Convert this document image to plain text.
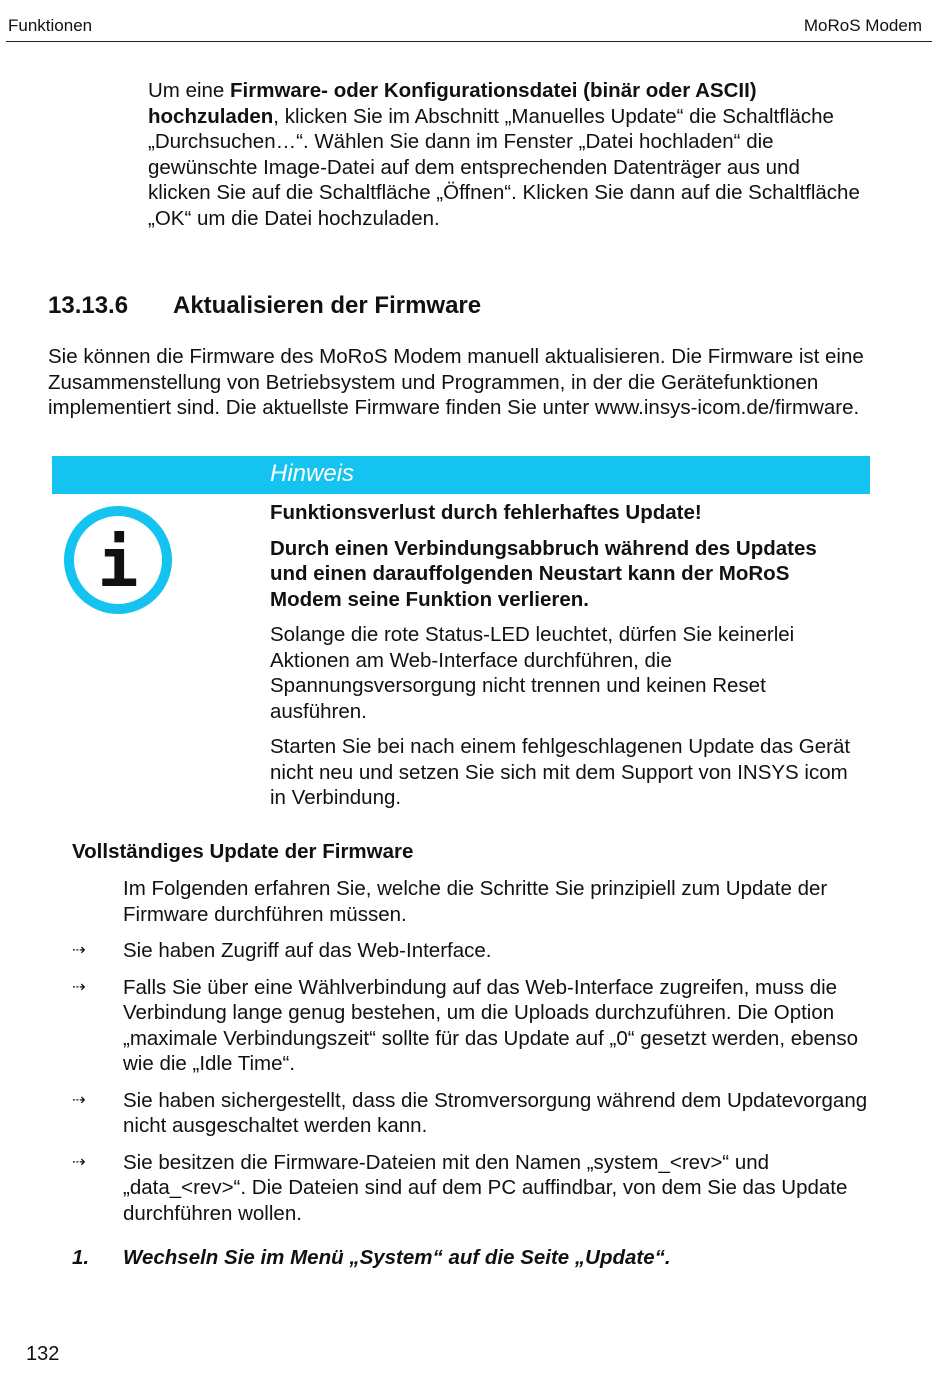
Funktionen	MoRoS Modem

Um eine Firmware- oder Konfigurationsdatei (binär oder ASCII) hochzuladen, klicken Sie im Abschnitt „Manuelles Update“ die Schaltfläche „Durchsuchen…“. Wählen Sie dann im Fenster „Datei hochladen“ die gewünschte Image-Datei auf dem entsprechenden Datenträger aus und klicken Sie auf die Schaltfläche „Öffnen“. Klicken Sie dann auf die Schaltfläche „OK“ um die Datei hochzuladen.

13.13.6 Aktualisieren der Firmware

Sie können die Firmware des MoRoS Modem manuell aktualisieren. Die Firmware ist eine Zusammenstellung von Betriebsystem und Programmen, in der die Gerätefunktionen implementiert sind. Die aktuellste Firmware finden Sie unter www.insys-icom.de/firmware.

Hinweis
i

Funktionsverlust durch fehlerhaftes Update!

Durch einen Verbindungsabbruch während des Updates und einen darauffolgenden Neustart kann der MoRoS Modem seine Funktion verlieren.

Solange die rote Status-LED leuchtet, dürfen Sie keinerlei Aktionen am Web-Interface durchführen, die Spannungsversorgung nicht trennen und keinen Reset ausführen.

Starten Sie bei nach einem fehlgeschlagenen Update das Gerät nicht neu und setzen Sie sich mit dem Support von INSYS icom in Verbindung.

Vollständiges Update der Firmware

Im Folgenden erfahren Sie, welche die Schritte Sie prinzipiell zum Update der Firmware durchführen müssen.

⇢ Sie haben Zugriff auf das Web-Interface.

⇢ Falls Sie über eine Wählverbindung auf das Web-Interface zugreifen, muss die Verbindung lange genug bestehen, um die Uploads durchzuführen. Die Option „maximale Verbindungszeit“ sollte für das Update auf „0“ gesetzt werden, ebenso wie die „Idle Time“.

⇢ Sie haben sichergestellt, dass die Stromversorgung während dem Updatevorgang nicht ausgeschaltet werden kann.

⇢ Sie besitzen die Firmware-Dateien mit den Namen „system_<rev>“ und „data_<rev>“. Die Dateien sind auf dem PC auffindbar, von dem Sie das Update durchführen wollen.

1. Wechseln Sie im Menü „System“ auf die Seite „Update“.

132
